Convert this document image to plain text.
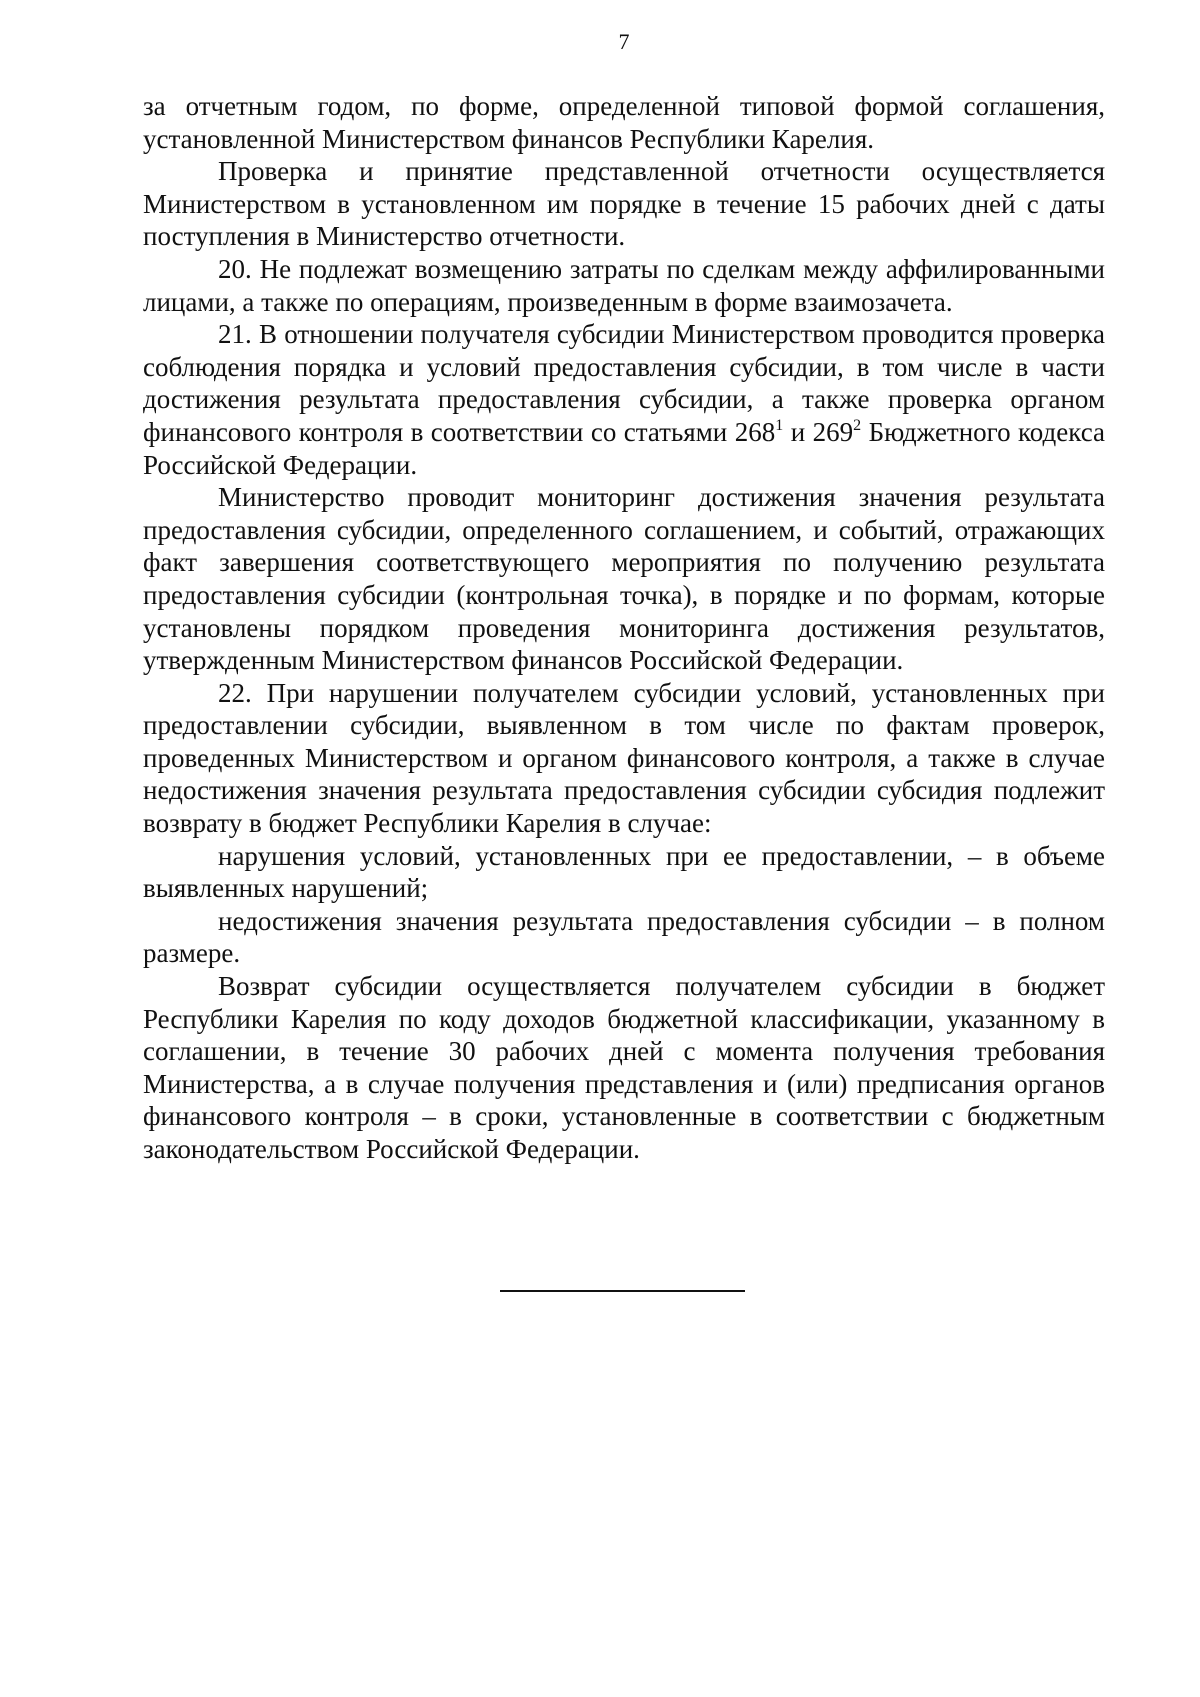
7

за отчетным годом, по форме, определенной типовой формой соглашения, установленной Министерством финансов Республики Карелия.

Проверка и принятие представленной отчетности осуществляется Министерством в установленном им порядке в течение 15 рабочих дней с даты поступления в Министерство отчетности.

20. Не подлежат возмещению затраты по сделкам между аффилированными лицами, а также по операциям, произведенным в форме взаимозачета.

21. В отношении получателя субсидии Министерством проводится проверка соблюдения порядка и условий предоставления субсидии, в том числе в части достижения результата предоставления субсидии, а также проверка органом финансового контроля в соответствии со статьями $268^1$ и $269^2$ Бюджетного кодекса Российской Федерации.

Министерство проводит мониторинг достижения значения результата предоставления субсидии, определенного соглашением, и событий, отражающих факт завершения соответствующего мероприятия по получению результата предоставления субсидии (контрольная точка), в порядке и по формам, которые установлены порядком проведения мониторинга достижения результатов, утвержденным Министерством финансов Российской Федерации.

22. При нарушении получателем субсидии условий, установленных при предоставлении субсидии, выявленном в том числе по фактам проверок, проведенных Министерством и органом финансового контроля, а также в случае недостижения значения результата предоставления субсидии субсидия подлежит возврату в бюджет Республики Карелия в случае:

нарушения условий, установленных при ее предоставлении, – в объеме выявленных нарушений;

недостижения значения результата предоставления субсидии – в полном размере.

Возврат субсидии осуществляется получателем субсидии в бюджет Республики Карелия по коду доходов бюджетной классификации, указанному в соглашении, в течение 30 рабочих дней с момента получения требования Министерства, а в случае получения представления и (или) предписания органов финансового контроля – в сроки, установленные в соответствии с бюджетным законодательством Российской Федерации.
